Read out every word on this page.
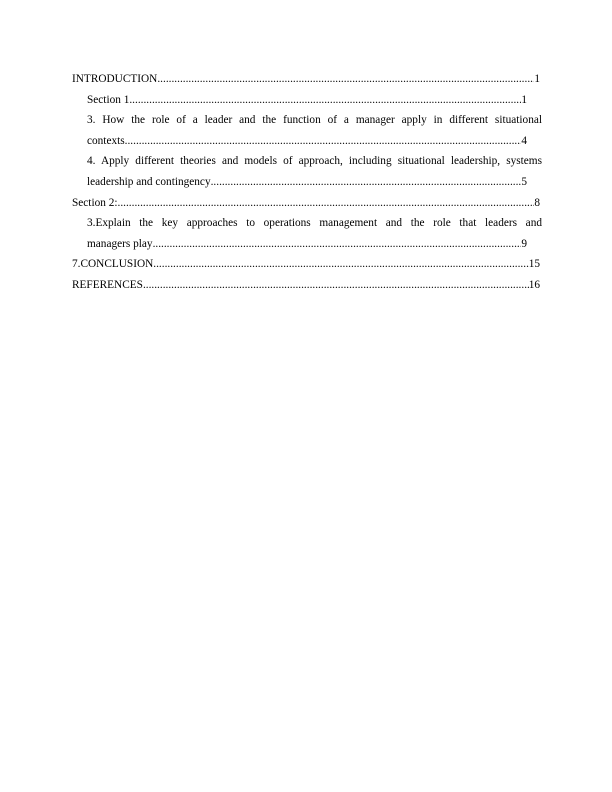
INTRODUCTION .....	1
Section 1 .....	1
3. How the role of a leader and the function of a manager apply in different situational
contexts .....	4
4. Apply different theories and models of approach, including situational leadership, systems
leadership and contingency .....	5
Section 2: .....	8
3.Explain the key approaches to operations management and the role that leaders and
managers play .....	9
7.CONCLUSION .....	15
REFERENCES .....	16
